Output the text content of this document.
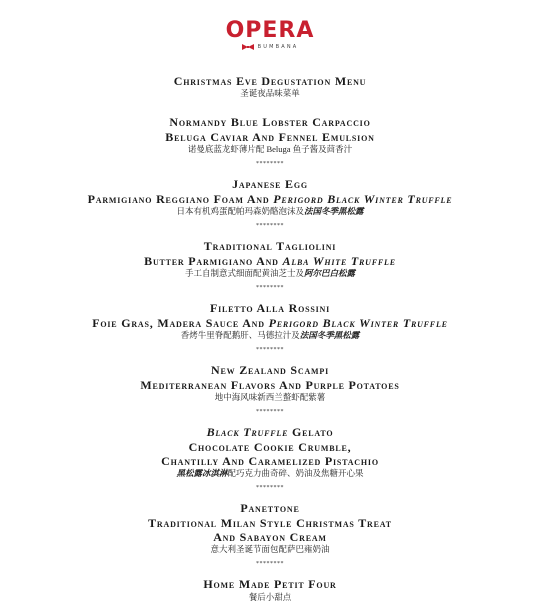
OPERA
BUMBANA

Christmas Eve Degustation Menu

圣诞夜品味菜单

Normandy Blue Lobster Carpaccio

Beluga Caviar And Fennel Emulsion

诺曼底蓝龙虾薄片配 Beluga 鱼子酱及茴香汁

********

Japanese Egg

Parmigiano Reggiano Foam And Perigord Black Winter Truffle

日本有机鸡蛋配帕玛森奶酪泡沫及法国冬季黑松露

********

Traditional Tagliolini

Butter Parmigiano And Alba White Truffle

手工自制意式细面配黄油芝士及阿尔巴白松露

********

Filetto Alla Rossini

Foie Gras, Madera Sauce And Perigord Black Winter Truffle

香烤牛里脊配鹅肝、马德拉汁及法国冬季黑松露

********

New Zealand Scampi

Mediterranean Flavors And Purple Potatoes

地中海风味新西兰螯虾配紫薯

********

Black Truffle Gelato

Chocolate Cookie Crumble,

Chantilly And Caramelized Pistachio

黑松露冰淇淋配巧克力曲奇碎、奶油及焦糖开心果

********

Panettone

Traditional Milan Style Christmas Treat

And Sabayon Cream

意大利圣诞节面包配萨巴雍奶油

********

Home Made Petit Four

餐后小甜点
